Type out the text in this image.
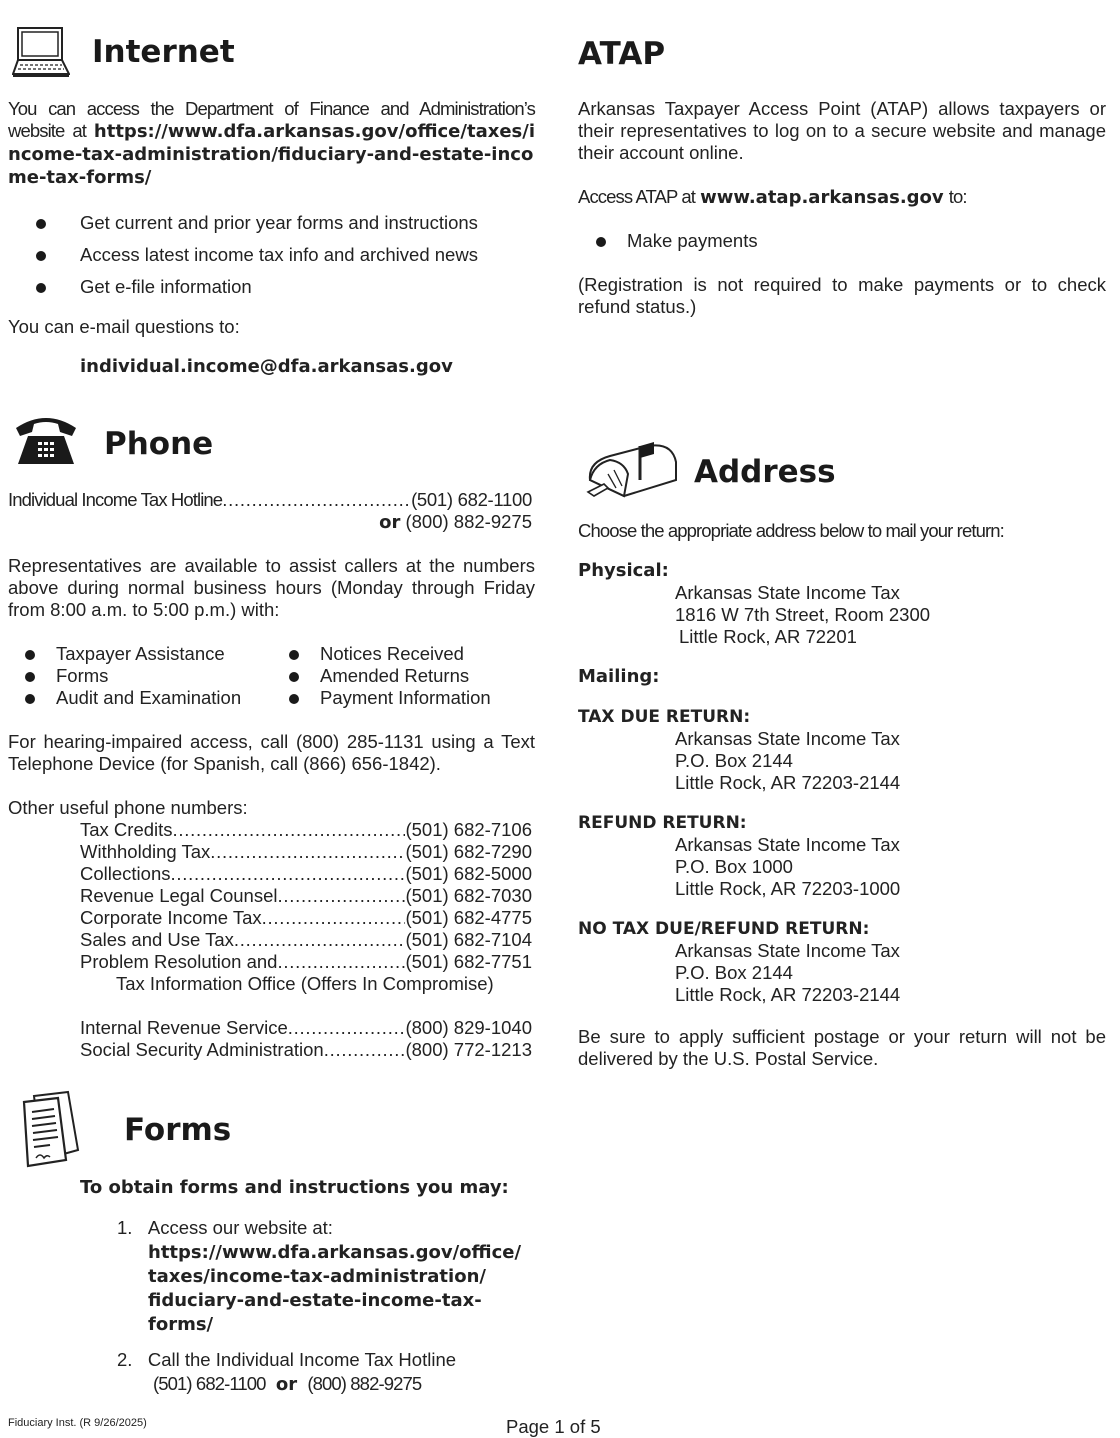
Internet
You can access the Department of Finance and Administration’s website at https://www.dfa.arkansas.gov/office/taxes/income-tax-administration/fiduciary-and-estate-income-tax-forms/
Get current and prior year forms and instructions
Access latest income tax info and archived news
Get e-file information
You can e-mail questions to:
individual.income@dfa.arkansas.gov
Phone
Individual Income Tax Hotline . . .	(501) 682-1100
or (800) 882-9275
Representatives are available to assist callers at the numbers above during normal business hours (Monday through Friday from 8:00 a.m. to 5:00 p.m.) with:
Taxpayer Assistance
Forms
Audit and Examination
Notices Received
Amended Returns
Payment Information
For hearing-impaired access, call (800) 285-1131 using a Text Telephone Device (for Spanish, call (866) 656-1842).
Other useful phone numbers:
Tax Credits . . .	(501) 682-7106
Withholding Tax . . .	(501) 682-7290
Collections . . .	(501) 682-5000
Revenue Legal Counsel . . .	(501) 682-7030
Corporate Income Tax . . .	(501) 682-4775
Sales and Use Tax . . .	(501) 682-7104
Problem Resolution and . . .	(501) 682-7751
Tax Information Office (Offers In Compromise)
Internal Revenue Service . . .	(800) 829-1040
Social Security Administration . . .	(800) 772-1213
Forms
To obtain forms and instructions you may:
1. Access our website at:
https://www.dfa.arkansas.gov/office/
taxes/income-tax-administration/
fiduciary-and-estate-income-tax-
forms/
2. Call the Individual Income Tax Hotline
(501) 682-1100 or (800) 882-9275
ATAP
Arkansas Taxpayer Access Point (ATAP) allows taxpayers or their representatives to log on to a secure website and manage their account online.
Access ATAP at www.atap.arkansas.gov to:
Make payments
(Registration is not required to make payments or to check refund status.)
Address
Choose the appropriate address below to mail your return:
Physical:
Arkansas State Income Tax
1816 W 7th Street, Room 2300
Little Rock, AR 72201
Mailing:
TAX DUE RETURN:
Arkansas State Income Tax
P.O. Box 2144
Little Rock, AR 72203-2144
REFUND RETURN:
Arkansas State Income Tax
P.O. Box 1000
Little Rock, AR 72203-1000
NO TAX DUE/REFUND RETURN:
Arkansas State Income Tax
P.O. Box 2144
Little Rock, AR 72203-2144
Be sure to apply sufficient postage or your return will not be delivered by the U.S. Postal Service.
Fiduciary Inst. (R 9/26/2025)	Page 1 of 5
